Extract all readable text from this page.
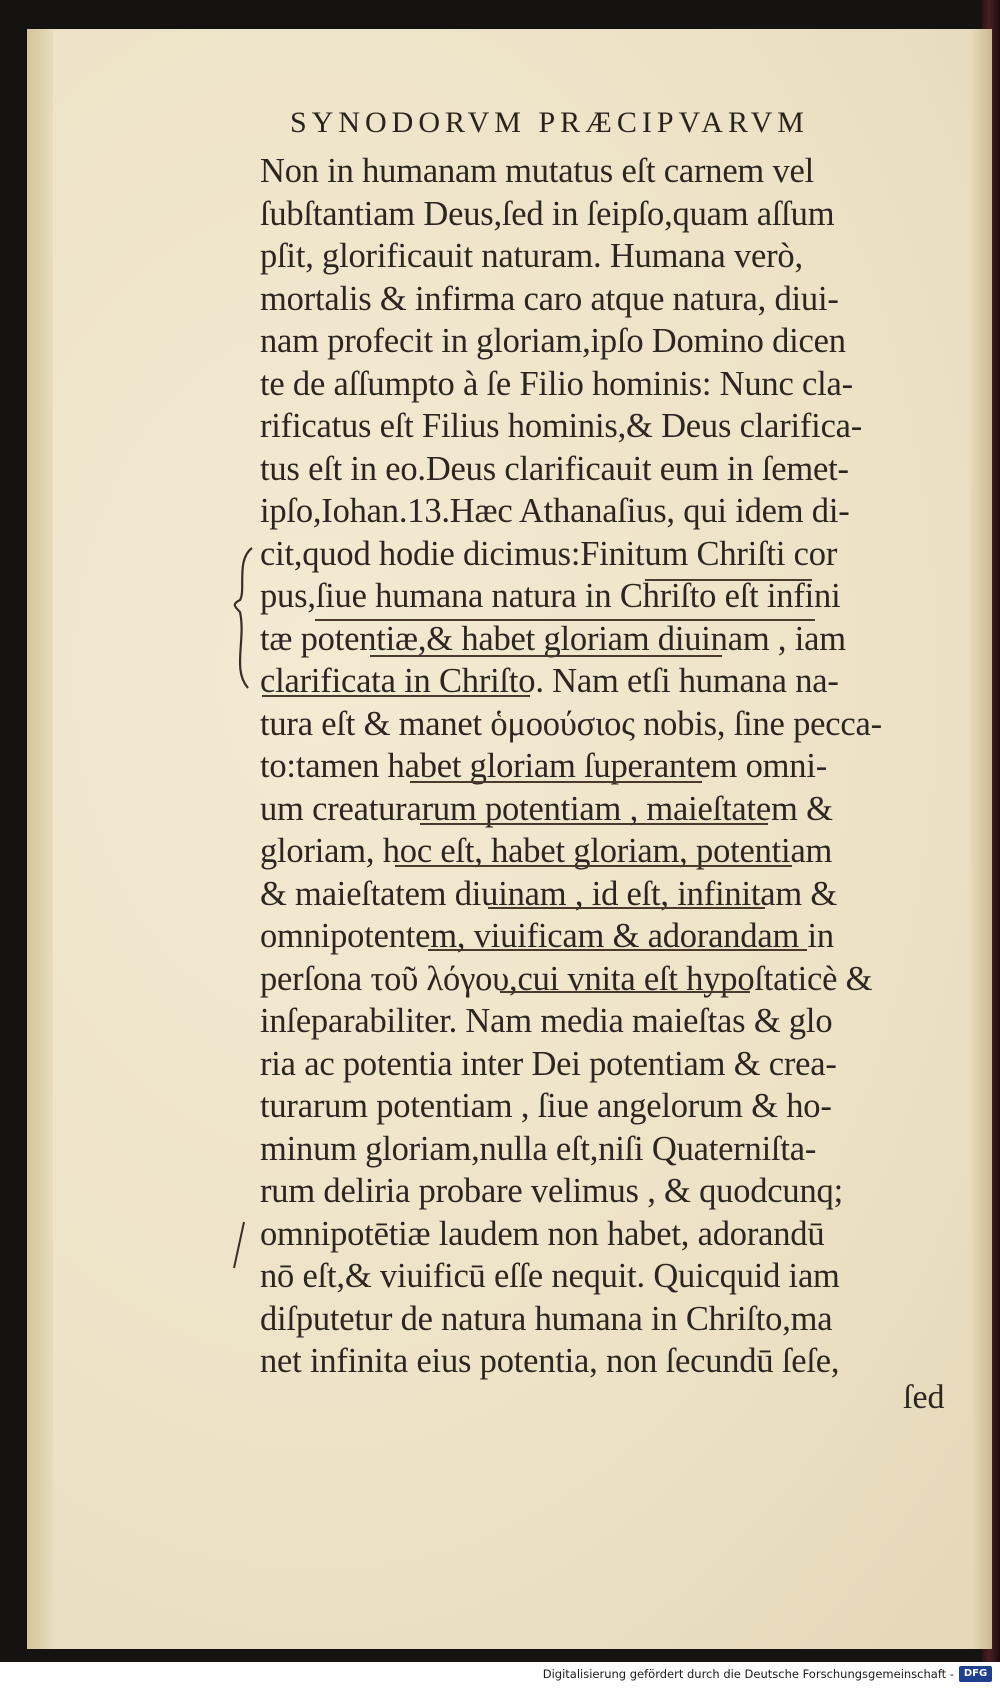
SYNODORVM PRÆCIPVARVM
Non in humanam mutatus eſt carnem vel
ſubſtantiam Deus,ſed in ſeipſo,quam aſſum
pſit, glorificauit naturam. Humana verò,
mortalis & infirma caro atque natura, diui-
nam profecit in gloriam,ipſo Domino dicen
te de aſſumpto à ſe Filio hominis: Nunc cla-
rificatus eſt Filius hominis,& Deus clarifica-
tus eſt in eo.Deus clarificauit eum in ſemet-
ipſo,Iohan.13.Hæc Athanaſius, qui idem di-
cit,quod hodie dicimus:Finitum Chriſti cor
pus,ſiue humana natura in Chriſto eſt infini
tæ potentiæ,& habet gloriam diuinam , iam
clarificata in Chriſto. Nam etſi humana na-
tura eſt & manet ὁμοούσιος nobis, ſine pecca-
to:tamen habet gloriam ſuperantem omni-
um creaturarum potentiam , maieſtatem &
gloriam, hoc eſt, habet gloriam, potentiam
& maieſtatem diuinam , id eſt, infinitam &
omnipotentem, viuificam & adorandam in
perſona τοῦ λόγου,cui vnita eſt hypoſtaticè &
inſeparabiliter. Nam media maieſtas & glo
ria ac potentia inter Dei potentiam & crea-
turarum potentiam , ſiue angelorum & ho-
minum gloriam,nulla eſt,niſi Quaterniſta-
rum deliria probare velimus , & quodcunq;
omnipotētiæ laudem non habet, adorandū
nō eſt,& viuificū eſſe nequit. Quicquid iam
diſputetur de natura humana in Chriſto,ma
net infinita eius potentia, non ſecundū ſeſe,
ſed
Digitalisierung gefördert durch die Deutsche Forschungsgemeinschaft - DFG
